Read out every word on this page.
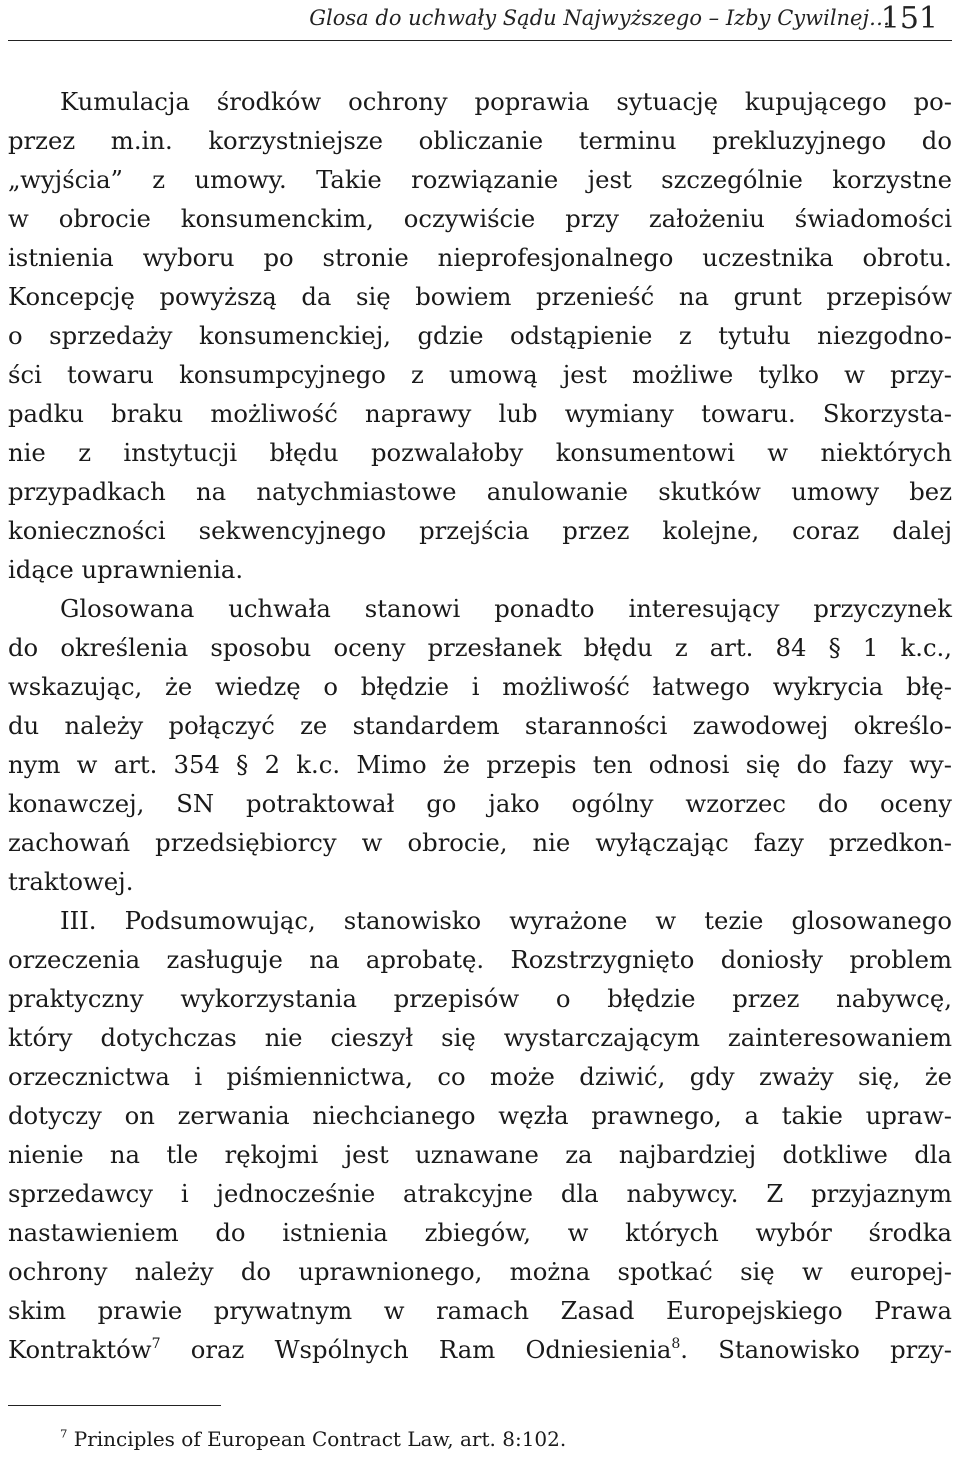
Glosa do uchwały Sądu Najwyższego – Izby Cywilnej…
151
Kumulacja środków ochrony poprawia sytuację kupującego po-
przez m.in. korzystniejsze obliczanie terminu prekluzyjnego do
„wyjścia” z umowy. Takie rozwiązanie jest szczególnie korzystne
w obrocie konsumenckim, oczywiście przy założeniu świadomości
istnienia wyboru po stronie nieprofesjonalnego uczestnika obrotu.
Koncepcję powyższą da się bowiem przenieść na grunt przepisów
o sprzedaży konsumenckiej, gdzie odstąpienie z tytułu niezgodno-
ści towaru konsumpcyjnego z umową jest możliwe tylko w przy-
padku braku możliwość naprawy lub wymiany towaru. Skorzysta-
nie z instytucji błędu pozwalałoby konsumentowi w niektórych
przypadkach na natychmiastowe anulowanie skutków umowy bez
konieczności sekwencyjnego przejścia przez kolejne, coraz dalej
idące uprawnienia.
Glosowana uchwała stanowi ponadto interesujący przyczynek
do określenia sposobu oceny przesłanek błędu z art. 84 § 1 k.c.,
wskazując, że wiedzę o błędzie i możliwość łatwego wykrycia błę-
du należy połączyć ze standardem staranności zawodowej określo-
nym w art. 354 § 2 k.c. Mimo że przepis ten odnosi się do fazy wy-
konawczej, SN potraktował go jako ogólny wzorzec do oceny
zachowań przedsiębiorcy w obrocie, nie wyłączając fazy przedkon-
traktowej.
III. Podsumowując, stanowisko wyrażone w tezie glosowanego
orzeczenia zasługuje na aprobatę. Rozstrzygnięto doniosły problem
praktyczny wykorzystania przepisów o błędzie przez nabywcę,
który dotychczas nie cieszył się wystarczającym zainteresowaniem
orzecznictwa i piśmiennictwa, co może dziwić, gdy zważy się, że
dotyczy on zerwania niechcianego węzła prawnego, a takie upraw-
nienie na tle rękojmi jest uznawane za najbardziej dotkliwe dla
sprzedawcy i jednocześnie atrakcyjne dla nabywcy. Z przyjaznym
nastawieniem do istnienia zbiegów, w których wybór środka
ochrony należy do uprawnionego, można spotkać się w europej-
skim prawie prywatnym w ramach Zasad Europejskiego Prawa
Kontraktów$^7$ oraz Wspólnych Ram Odniesienia$^8$. Stanowisko przy-
$^7$ Principles of European Contract Law, art. 8:102.
